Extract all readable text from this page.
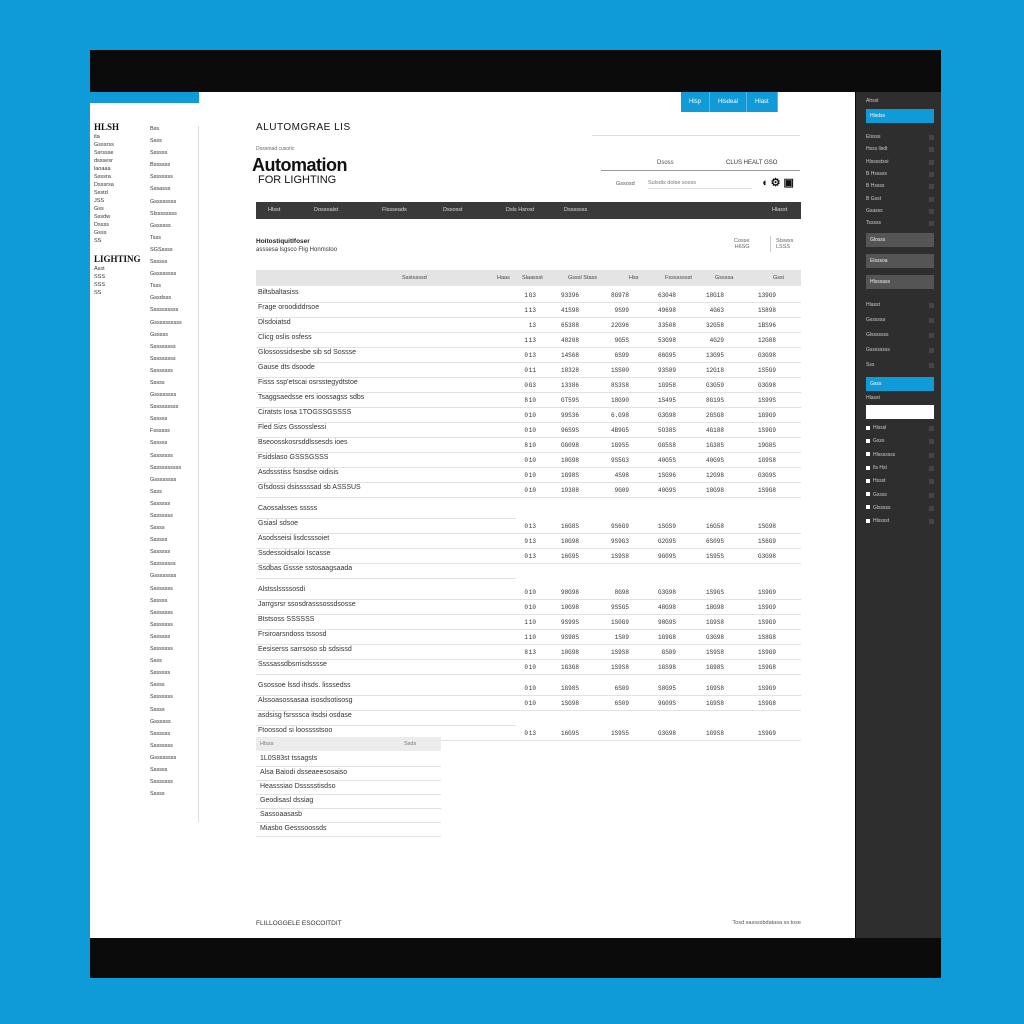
HLSH
ita
Gsssrss
Ssrssse
dsssesr
laoaaa
Ssssra
Dsssrsa
Ssstd
JSS
Gss
Sssdw
Dssss
Gsss
SS
LIGHTING
Asst
SSS
SSS
SS
Bss
Ssss
Ssssss
Bssssss
Ssssssss
Sssasss
Gssssssss
Slssssssss
Gssssss
Tsss
SGSssss
Ssssss
Gssssssss
Tsss
Gssdsss
Ssssssssss
Gssssssssss
Gsssss
Sssssssss
Sssssssss
Ssssssss
Sssss
Gssssssss
Ssssssssss
Ssssss
Fssssss
Ssssss
Ssssssss
Sssssssssss
Gssssssss
Ssss
Sssssss
Ssssssss
Sssss
Ssssss
Sssssss
Sssssssss
Gssssssss
Ssssssss
Ssssss
Ssssssss
Ssssssss
Sssssss
Ssssssss
Ssss
Sssssss
Sssss
Ssssssss
Sssss
Gssssss
Sssssss
Ssssssss
Gssssssss
Ssssss
Ssssssss
Sssss
Hlsp	Hlsdeal	Hlast
ALUTOMGRAE LIS
Dossmad cusoric
Automation
FOR LIGHTING
Dsoss	CLUS HEALT GSO
Gssosd
Sulsdis dolse sosss	◖⚙▣
Hlsst	Dossoalst	Flssseads	Dssosst	Dsls Hsrost	Dsssssss	Hlasst
Hoitostiquitlfoser
asssesa lsgsco Flig Honmstoo
Cosse
H6SG
Stswss
LSSS
Ssstssssd	Haas Slaassst	Gsssl Stass	Hss	Fsssssssst	Gssssa	Gssi
Biltsbaltasiss	1 G3	93396	8G978	63048	18G18	139G9
Frage oroodiddrsoe	1 13	41S98	9S99	49698	4G63	1S898
Dlsdoiatsd	13	65388	22G96	33508	32G58	1BS96
Clicg oslis osfess	1 13	48208	9G5S	53G98	4G29	12G88
Glossossidsesbe sib sd Sossse	0 13	14S68	6S99	66G95	13G95	G3G98
Gause dts dsoode	0 11	18328	1SS00	93S09	12G18	1S5G9
Fisss ssp'etscai osrsstegydtstoe	0 G3	13386	8S3S8	1G958	G3G59	G3G98
Tsaggsaedsse ers ioossagss sdbs	8 10	GT59S	18G90	1S495	8G19S	1S99S
Ciratsts Iosa 1TOGSSGSSSS	0 10	99S36	6.G98	G3G98	2GSG8	1G9G9
Fled Sizs Gssosslessi	0 10	96S9S	4B9G5	5O38S	4G188	1S9G9
Bseoosskosrsddlssesds ioes	8 10	GG098	1G9S5	GG5S8	1G38S	19G8S
Fsidslaso GSSSGSSS	0 10	10G98	9S5G3	40G5S	40G9S	1G9S8
Asdssstiss fsosdse oidisis	0 10	1G98S	4S98	1SG96	12G98	G3G9S
Gfsdossi dsisssssad sb ASSSUS	0 10	19388	9G09	40G9S	18G98	1S9G8
Caossalsses sssss
Gsiasl sdsoe	0 13	16G8S	9S6G9	1SGS9	16G58	1SG98
Asodsseisi lisdcsssoiet	9 13	10G98	9S9G3	G2G9S	6S09S	1S6G9
Ssdessoidsaloi Iscasse	0 13	16G95	1S9S8	9G09S	1S95S	G3G98
Ssdbas Gssse sstosaagsaada
Alstsslssssosdi	0 10	98G98	8G98	G3G98	1S9GS	1S9G9
Jarrgsrsr ssosdrasssossdsosse	0 10	10G98	9S5G5	48G98	18G98	1S9G9
Btstsoss SSSSSS	1 10	9S99S	1S0G9	98G9S	1G9S8	1S9G9
Frsiroarsndoss tssosd	1 10	9S98S	1S09	1G9G8	G3G98	1S8G8
Eesiserss sarrsoso sb sdsissd	8 13	10G98	1S9S8	GS09	1S9S8	1S9G9
Ssssassdbsrrisdsssse	0 10	1G3G8	1S9S8	1GS98	1G98S	1S9G8
Gsossoe lssd ihsds. lisssedss	0 10	1G98S	6S09	S8G95	1G9S8	1S9G9
Alssoasossasaa isosdsotisosg	0 10	1SG98	6S09	9G09S	1G9S8	1S9G8
asdsisg fsrsssca itsdsi osdase
Ftoossod si loosssstsoo	0 13	16G9S	1S9S5	G3G98	1G9S8	1S9G9
Hlsss	Ssds
1L0S83st tssagsts
Alsa Baiodi dsseaeesosaiso
Heasssiao Dssssstisdso
Geodisasl dssiag
Sassoaasasb
Miasbo Gesssoossds
FLILLOGGELE ESOCOITDIT	Tosd sassssbdatasa ss tose
Ahsst
Hlsdss
Elssss
Hsss llsdt
Hlsssstsoi
B Hsssss
B Hssss
B Gsst
Gsasss
Tsssss
Glosss
Elsssoa
Hlsssass
Hlasst
Gsssssa
Glsssssss
Gssssssss
Sss
Gsss
Hlasst
Hlsssl
Gsss
Hlsssssss
Ils Hst
Hssst
Gssss
Glsssss
Hlsssst
